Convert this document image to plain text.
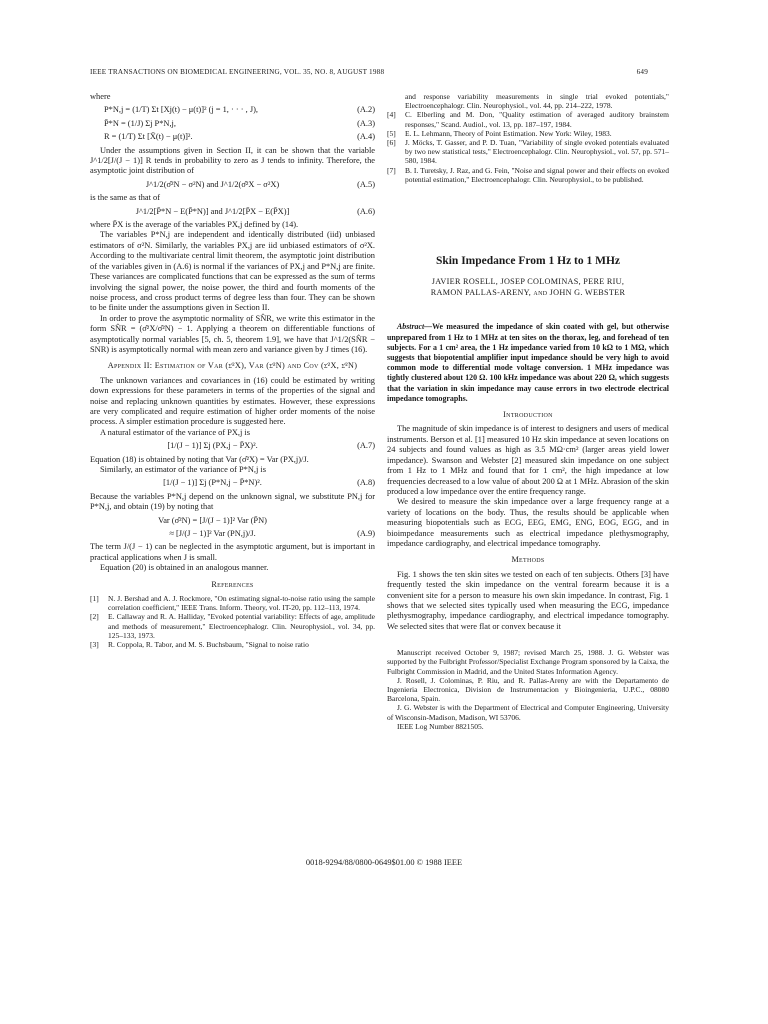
IEEE TRANSACTIONS ON BIOMEDICAL ENGINEERING, VOL. 35, NO. 8, AUGUST 1988	649

where

P*N,j = (1/T) Σt [Xj(t) − μ(t)]² (j = 1, · · · , J),	(A.2)
P̄*N = (1/J) Σj P*N,j,	(A.3)
R = (1/T) Σt [X̄(t) − μ(t)]².	(A.4)

Under the assumptions given in Section II, it can be shown that the variable J^1/2[J/(J − 1)] R tends in probability to zero as J tends to infinity. Therefore, the asymptotic joint distribution of

J^1/2(σ̂²N − σ²N) and J^1/2(σ̂²X − σ²X)	(A.5)

is the same as that of

J^1/2[P̄*N − E(P̄*N)] and J^1/2[P̄X − E(P̄X)]	(A.6)

where P̄X is the average of the variables PX,j defined by (14).

The variables P*N,j are independent and identically distributed (iid) unbiased estimators of σ²N. Similarly, the variables PX,j are iid unbiased estimators of σ²X. According to the multivariate central limit theorem, the asymptotic joint distribution of the variables given in (A.6) is normal if the variances of PX,j and P*N,j are finite. These variances are complicated functions that can be expressed as the sum of terms involving the signal power, the noise power, the third and fourth moments of the noise process, and cross product terms of degree less than four. They can be shown to be finite under the assumptions given in Section II.

In order to prove the asymptotic normality of SN̂R, we write this estimator in the form SN̂R = (σ̂²X/σ̂²N) − 1. Applying a theorem on differentiable functions of asymptotically normal variables [5, ch. 5, theorem 1.9], we have that J^1/2(SN̂R − SNR) is asymptotically normal with mean zero and variance given by J times (16).

Appendix II: Estimation of Var (σ̂²X), Var (σ̂²N) and Cov (σ̂²X, σ̂²N)

The unknown variances and covariances in (16) could be estimated by writing down expressions for these parameters in terms of the properties of the signal and noise and replacing unknown quantities by estimates. However, these expressions are very complicated and require estimation of higher order moments of the noise process. A simpler estimation procedure is suggested here.

A natural estimator of the variance of PX,j is

[1/(J − 1)] Σj (PX,j − P̄X)².	(A.7)

Equation (18) is obtained by noting that Var (σ̂²X) = Var (PX,j)/J.

Similarly, an estimator of the variance of P*N,j is

[1/(J − 1)] Σj (P*N,j − P̄*N)².	(A.8)

Because the variables P*N,j depend on the unknown signal, we substitute PN,j for P*N,j, and obtain (19) by noting that

Var (σ̂²N) = [J/(J − 1)]² Var (P̄N)
≈ [J/(J − 1)]² Var (PN,j)/J.	(A.9)

The term J/(J − 1) can be neglected in the asymptotic argument, but is important in practical applications when J is small.

Equation (20) is obtained in an analogous manner.

References
[1]	N. J. Bershad and A. J. Rockmore, "On estimating signal-to-noise ratio using the sample correlation coefficient," IEEE Trans. Inform. Theory, vol. IT-20, pp. 112–113, 1974.
[2]	E. Callaway and R. A. Halliday, "Evoked potential variability: Effects of age, amplitude and methods of measurement," Electroencephalogr. Clin. Neurophysiol., vol. 34, pp. 125–133, 1973.
[3]	R. Coppola, R. Tabor, and M. S. Buchsbaum, "Signal to noise ratio
and response variability measurements in single trial evoked potentials," Electroencephalogr. Clin. Neurophysiol., vol. 44, pp. 214–222, 1978.
[4]	C. Elberling and M. Don, "Quality estimation of averaged auditory brainstem responses," Scand. Audiol., vol. 13, pp. 187–197, 1984.
[5]	E. L. Lehmann, Theory of Point Estimation. New York: Wiley, 1983.
[6]	J. Möcks, T. Gasser, and P. D. Tuan, "Variability of single evoked potentials evaluated by two new statistical tests," Electroencephalogr. Clin. Neurophysiol., vol. 57, pp. 571–580, 1984.
[7]	B. I. Turetsky, J. Raz, and G. Fein, "Noise and signal power and their effects on evoked potential estimation," Electroencephalogr. Clin. Neurophysiol., to be published.
Skin Impedance From 1 Hz to 1 MHz
JAVIER ROSELL, JOSEP COLOMINAS, PERE RIU,
RAMON PALLAS-ARENY, and JOHN G. WEBSTER
Abstract—We measured the impedance of skin coated with gel, but otherwise unprepared from 1 Hz to 1 MHz at ten sites on the thorax, leg, and forehead of ten subjects. For a 1 cm² area, the 1 Hz impedance varied from 10 kΩ to 1 MΩ, which suggests that biopotential amplifier input impedance should be very high to avoid common mode to differential mode voltage conversion. 1 MHz impedance was tightly clustered about 120 Ω. 100 kHz impedance was about 220 Ω, which suggests that the variation in skin impedance may cause errors in two electrode electrical impedance tomographs.
Introduction

The magnitude of skin impedance is of interest to designers and users of medical instruments. Berson et al. [1] measured 10 Hz skin impedance at seven locations on 24 subjects and found values as high as 3.5 MΩ·cm² (larger areas yield lower impedance). Swanson and Webster [2] measured skin impedance on one subject from 1 Hz to 1 MHz and found that for 1 cm², the high impedance at low frequencies decreased to a low value of about 200 Ω at 1 MHz. Abrasion of the skin produced a low impedance over the entire frequency range.

We desired to measure the skin impedance over a large frequency range at a variety of locations on the body. Thus, the results should be applicable when measuring biopotentials such as ECG, EEG, EMG, ENG, EOG, EGG, and in bioimpedance measurements such as electrical impedance plethysmography, impedance cardiography, and electrical impedance tomography.

Methods

Fig. 1 shows the ten skin sites we tested on each of ten subjects. Others [3] have frequently tested the skin impedance on the ventral forearm because it is a convenient site for a person to measure his own skin impedance. In contrast, Fig. 1 shows that we selected sites typically used when measuring the ECG, impedance plethysmography, impedance cardiography, and electrical impedance tomography. We selected sites that were flat or convex because it

Manuscript received October 9, 1987; revised March 25, 1988. J. G. Webster was supported by the Fulbright Professor/Specialist Exchange Program sponsored by la Caixa, the Fulbright Commission in Madrid, and the United States Information Agency.

J. Rosell, J. Colominas, P. Riu, and R. Pallas-Areny are with the Departamento de Ingenieria Electronica, Division de Instrumentacion y Bioingenieria, U.P.C., 08080 Barcelona, Spain.

J. G. Webster is with the Department of Electrical and Computer Engineering, University of Wisconsin-Madison, Madison, WI 53706.

IEEE Log Number 8821505.

0018-9294/88/0800-0649$01.00 © 1988 IEEE
